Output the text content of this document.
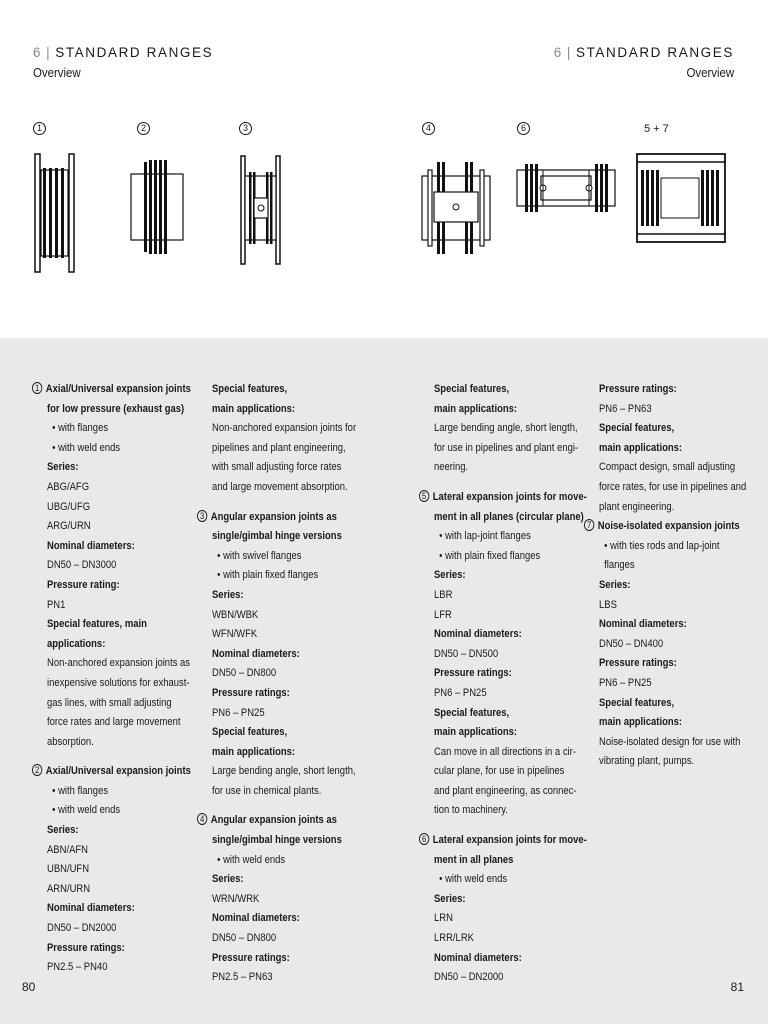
6 | STANDARD RANGES
Overview
6 | STANDARD RANGES
Overview
1	2	3	4	6	5 + 7
1 Axial/Universal expansion joints
for low pressure (exhaust gas)
• with flanges
• with weld ends
Series:
ABG/AFG
UBG/UFG
ARG/URN
Nominal diameters:
DN50 – DN3000
Pressure rating:
PN1
Special features, main
applications:
Non-anchored expansion joints as
inexpensive solutions for exhaust-
gas lines, with small adjusting
force rates and large movement
absorption.
2 Axial/Universal expansion joints
• with flanges
• with weld ends
Series:
ABN/AFN
UBN/UFN
ARN/URN
Nominal diameters:
DN50 – DN2000
Pressure ratings:
PN2.5 – PN40
Special features,
main applications:
Non-anchored expansion joints for
pipelines and plant engineering,
with small adjusting force rates
and large movement absorption.
3 Angular expansion joints as
single/gimbal hinge versions
• with swivel flanges
• with plain fixed flanges
Series:
WBN/WBK
WFN/WFK
Nominal diameters:
DN50 – DN800
Pressure ratings:
PN6 – PN25
Special features,
main applications:
Large bending angle, short length,
for use in chemical plants.
4 Angular expansion joints as
single/gimbal hinge versions
• with weld ends
Series:
WRN/WRK
Nominal diameters:
DN50 – DN800
Pressure ratings:
PN2.5 – PN63
Special features,
main applications:
Large bending angle, short length,
for use in pipelines and plant engi-
neering.
5 Lateral expansion joints for move-
ment in all planes (circular plane)
• with lap-joint flanges
• with plain fixed flanges
Series:
LBR
LFR
Nominal diameters:
DN50 – DN500
Pressure ratings:
PN6 – PN25
Special features,
main applications:
Can move in all directions in a cir-
cular plane, for use in pipelines
and plant engineering, as connec-
tion to machinery.
6 Lateral expansion joints for move-
ment in all planes
• with weld ends
Series:
LRN
LRR/LRK
Nominal diameters:
DN50 – DN2000
Pressure ratings:
PN6 – PN63
Special features,
main applications:
Compact design, small adjusting
force rates, for use in pipelines and
plant engineering.
7 Noise-isolated expansion joints
• with ties rods and lap-joint
flanges
Series:
LBS
Nominal diameters:
DN50 – DN400
Pressure ratings:
PN6 – PN25
Special features,
main applications:
Noise-isolated design for use with
vibrating plant, pumps.
80	81
